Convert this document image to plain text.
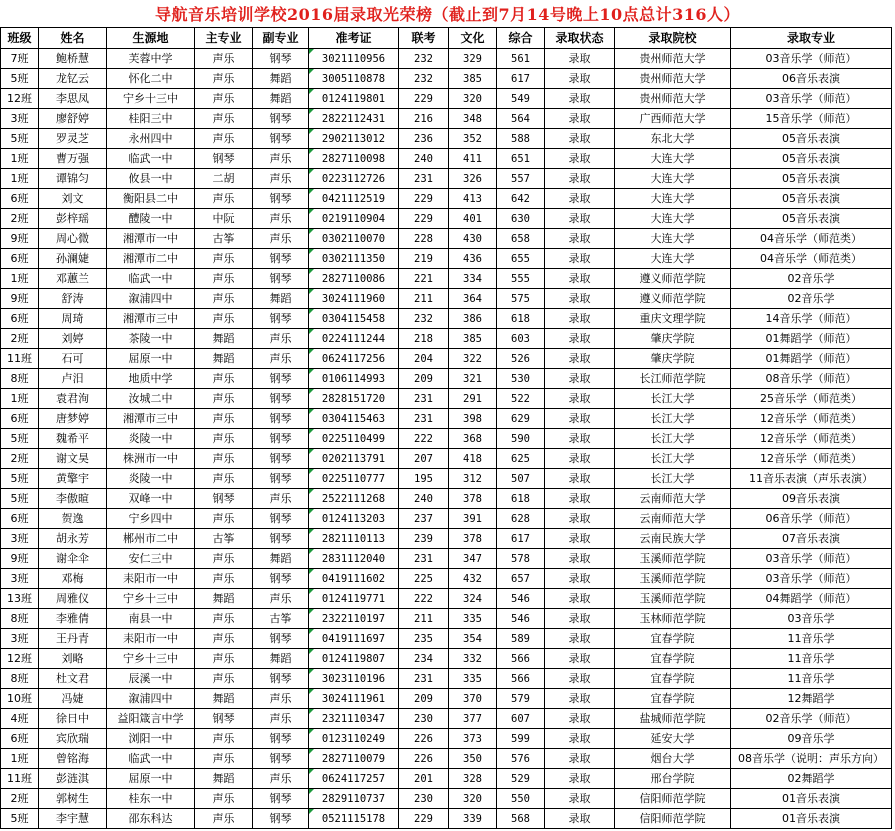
导航音乐培训学校2016届录取光荣榜（截止到7月14号晚上10点总计316人）
班级	姓名	生源地	主专业	副专业	准考证	联考	文化	综合	录取状态	录取院校	录取专业
7班	鲍桥慧	芙蓉中学	声乐	钢琴	3021110956	232	329	561	录取	贵州师范大学	03音乐学（师范）
5班	龙钇云	怀化二中	声乐	舞蹈	3005110878	232	385	617	录取	贵州师范大学	06音乐表演
12班	李思凤	宁乡十三中	声乐	舞蹈	0124119801	229	320	549	录取	贵州师范大学	03音乐学（师范）
3班	廖舒婷	桂阳三中	声乐	钢琴	2822112431	216	348	564	录取	广西师范大学	15音乐学（师范）
5班	罗灵芝	永州四中	声乐	钢琴	2902113012	236	352	588	录取	东北大学	05音乐表演
1班	曹万强	临武一中	钢琴	声乐	2827110098	240	411	651	录取	大连大学	05音乐表演
1班	谭锦匀	攸县一中	二胡	声乐	0223112726	231	326	557	录取	大连大学	05音乐表演
6班	刘文	衡阳县二中	声乐	钢琴	0421112519	229	413	642	录取	大连大学	05音乐表演
2班	彭梓瑶	醴陵一中	中阮	声乐	0219110904	229	401	630	录取	大连大学	05音乐表演
9班	周心微	湘潭市一中	古筝	声乐	0302110070	228	430	658	录取	大连大学	04音乐学（师范类）
6班	孙澜婕	湘潭市二中	声乐	钢琴	0302111350	219	436	655	录取	大连大学	04音乐学（师范类）
1班	邓蕙兰	临武一中	声乐	钢琴	2827110086	221	334	555	录取	遵义师范学院	02音乐学
9班	舒涛	溆浦四中	声乐	舞蹈	3024111960	211	364	575	录取	遵义师范学院	02音乐学
6班	周琦	湘潭市三中	声乐	钢琴	0304115458	232	386	618	录取	重庆文理学院	14音乐学（师范）
2班	刘婷	茶陵一中	舞蹈	声乐	0224111244	218	385	603	录取	肇庆学院	01舞蹈学（师范）
11班	石可	屈原一中	舞蹈	声乐	0624117256	204	322	526	录取	肇庆学院	01舞蹈学（师范）
8班	卢汨	地质中学	声乐	钢琴	0106114993	209	321	530	录取	长江师范学院	08音乐学（师范）
1班	袁君洵	汝城二中	声乐	钢琴	2828151720	231	291	522	录取	长江大学	25音乐学（师范类）
6班	唐梦婷	湘潭市三中	声乐	钢琴	0304115463	231	398	629	录取	长江大学	12音乐学（师范类）
5班	魏希平	炎陵一中	声乐	钢琴	0225110499	222	368	590	录取	长江大学	12音乐学（师范类）
2班	谢文昊	株洲市一中	声乐	钢琴	0202113791	207	418	625	录取	长江大学	12音乐学（师范类）
5班	黄擎宇	炎陵一中	声乐	钢琴	0225110777	195	312	507	录取	长江大学	11音乐表演（声乐表演）
5班	李傲暄	双峰一中	钢琴	声乐	2522111268	240	378	618	录取	云南师范大学	09音乐表演
6班	贺逸	宁乡四中	声乐	钢琴	0124113203	237	391	628	录取	云南师范大学	06音乐学（师范）
3班	胡永芳	郴州市二中	古筝	钢琴	2821110113	239	378	617	录取	云南民族大学	07音乐表演
9班	谢伞伞	安仁三中	声乐	舞蹈	2831112040	231	347	578	录取	玉溪师范学院	03音乐学（师范）
3班	邓梅	耒阳市一中	声乐	钢琴	0419111602	225	432	657	录取	玉溪师范学院	03音乐学（师范）
13班	周雅仪	宁乡十三中	舞蹈	声乐	0124119771	222	324	546	录取	玉溪师范学院	04舞蹈学（师范）
8班	李雅倩	南县一中	声乐	古筝	2322110197	211	335	546	录取	玉林师范学院	03音乐学
3班	王丹青	耒阳市一中	声乐	钢琴	0419111697	235	354	589	录取	宜春学院	11音乐学
12班	刘略	宁乡十三中	声乐	舞蹈	0124119807	234	332	566	录取	宜春学院	11音乐学
8班	杜文君	辰溪一中	声乐	钢琴	3023110196	231	335	566	录取	宜春学院	11音乐学
10班	冯婕	溆浦四中	舞蹈	声乐	3024111961	209	370	579	录取	宜春学院	12舞蹈学
4班	徐日中	益阳箴言中学	钢琴	声乐	2321110347	230	377	607	录取	盐城师范学院	02音乐学（师范）
6班	宾欣瑞	浏阳一中	声乐	钢琴	0123110249	226	373	599	录取	延安大学	09音乐学
1班	曾铭海	临武一中	声乐	钢琴	2827110079	226	350	576	录取	烟台大学	08音乐学（说明：声乐方向）
11班	彭涟淇	屈原一中	舞蹈	声乐	0624117257	201	328	529	录取	邢台学院	02舞蹈学
2班	郭树生	桂东一中	声乐	钢琴	2829110737	230	320	550	录取	信阳师范学院	01音乐表演
5班	李宇慧	邵东科达	声乐	钢琴	0521115178	229	339	568	录取	信阳师范学院	01音乐表演
